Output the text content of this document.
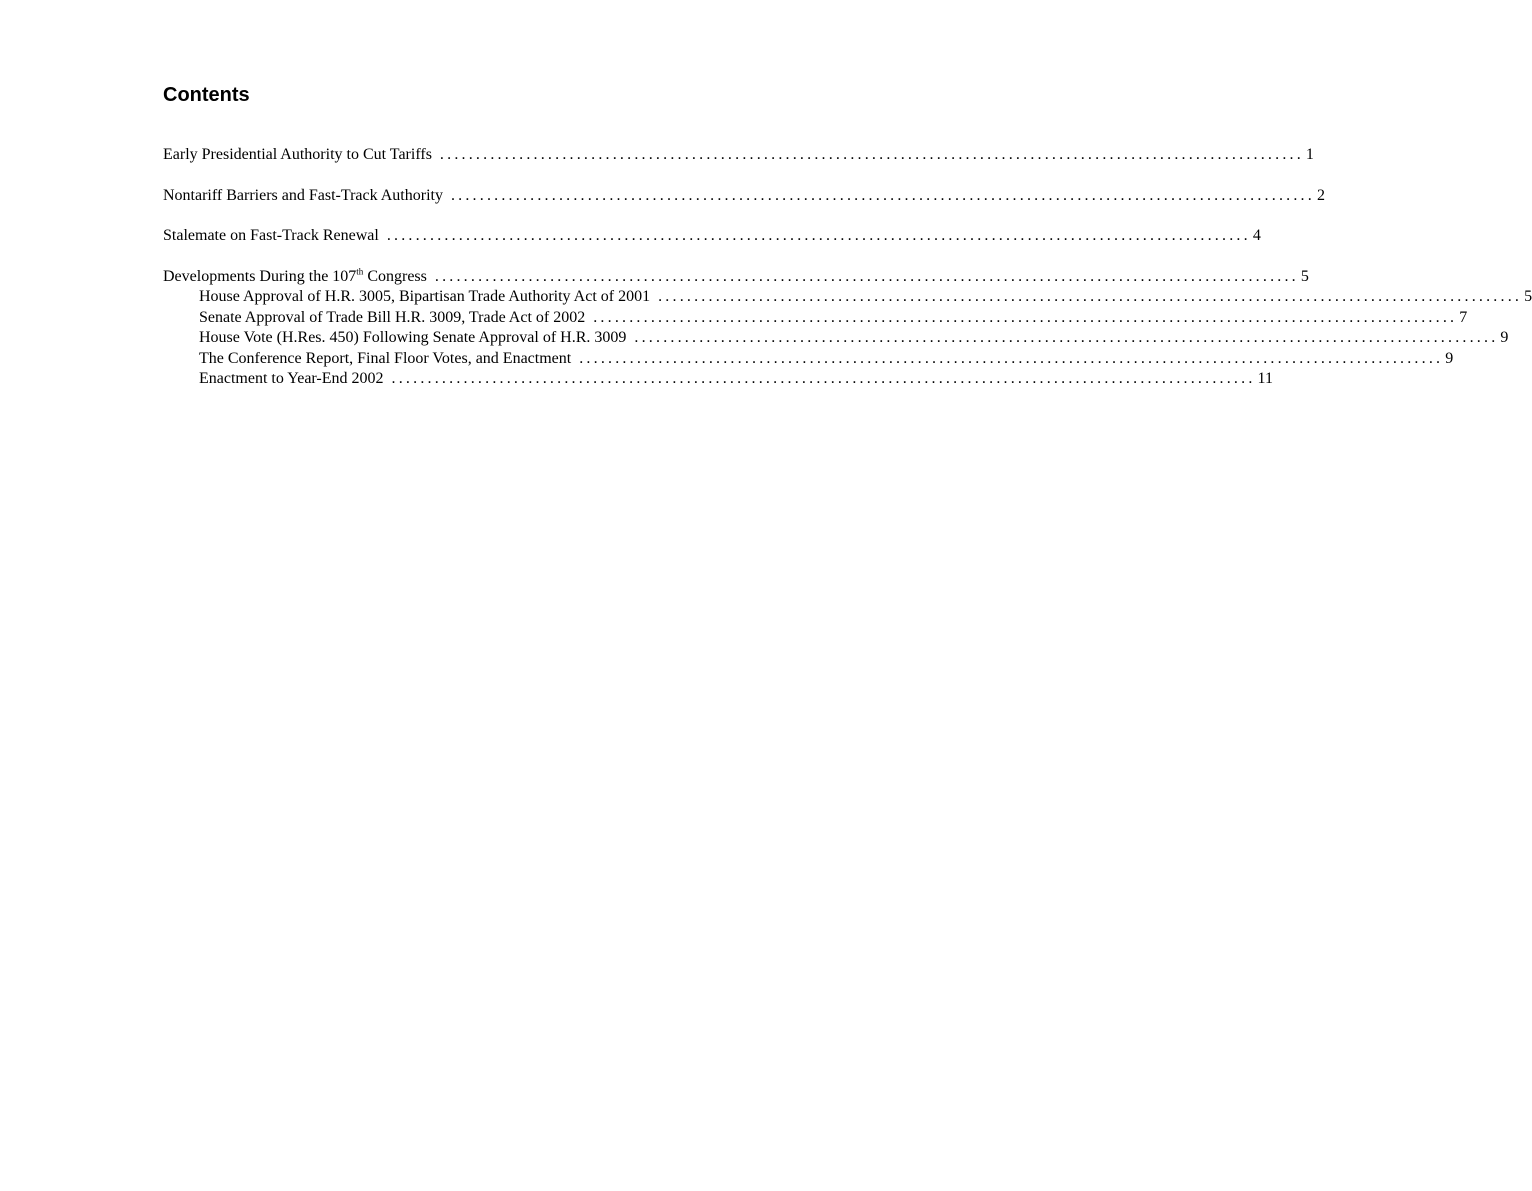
Contents
Early Presidential Authority to Cut Tariffs ........................................................................................................................ 1
Nontariff Barriers and Fast-Track Authority ........................................................................................................................ 2
Stalemate on Fast-Track Renewal ........................................................................................................................ 4
Developments During the 107th Congress ........................................................................................................................ 5
House Approval of H.R. 3005, Bipartisan Trade Authority Act of 2001 ........................................................................................................................ 5
Senate Approval of Trade Bill H.R. 3009, Trade Act of 2002 ........................................................................................................................ 7
House Vote (H.Res. 450) Following Senate Approval of H.R. 3009 ........................................................................................................................ 9
The Conference Report, Final Floor Votes, and Enactment ........................................................................................................................ 9
Enactment to Year-End 2002 ........................................................................................................................ 11
